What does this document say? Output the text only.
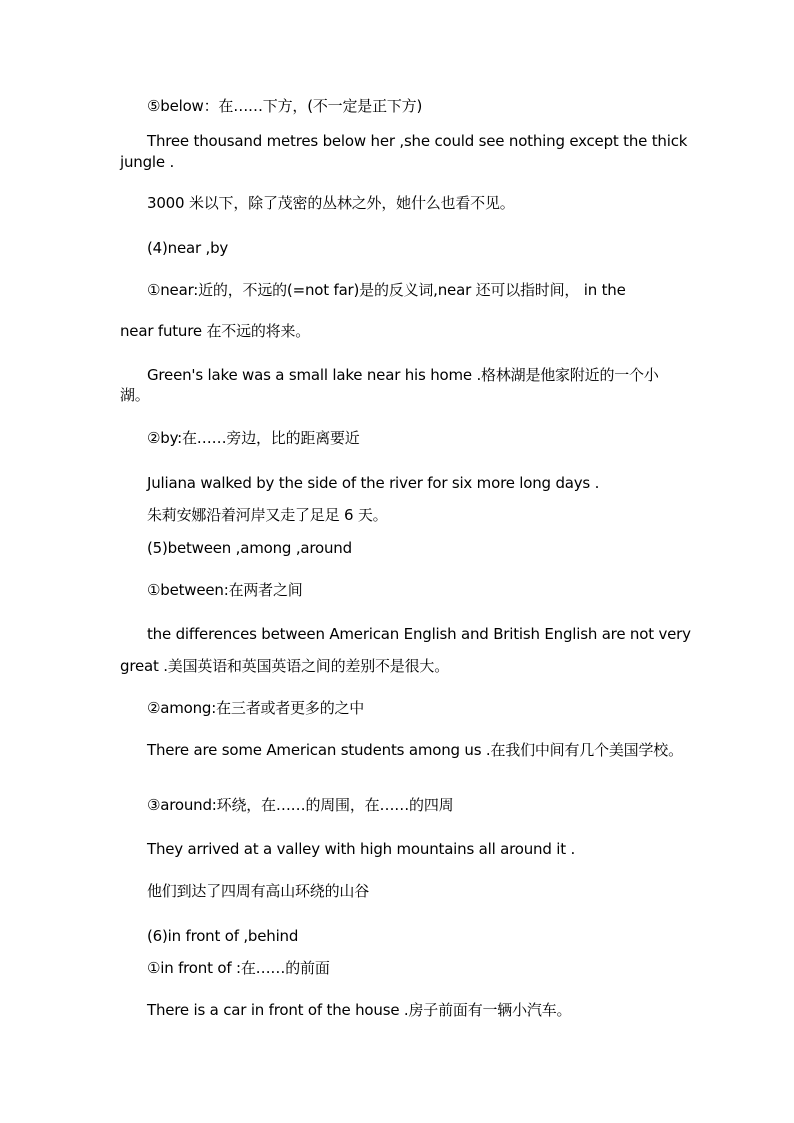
⑤below：在……下方，(不一定是正下方)
Three thousand metres below her ,she could see nothing except the thick
jungle .
3000 米以下，除了茂密的丛林之外，她什么也看不见。
(4)near ,by
①near:近的，不远的(=not far)是的反义词,near 还可以指时间， in the
near future 在不远的将来。
Green's lake was a small lake near his home .格林湖是他家附近的一个小
湖。
②by:在……旁边，比的距离要近
Juliana walked by the side of the river for six more long days .
朱莉安娜沿着河岸又走了足足 6 天。
(5)between ,among ,around
①between:在两者之间
the differences between American English and British English are not very
great .美国英语和英国英语之间的差别不是很大。
②among:在三者或者更多的之中
There are some American students among us .在我们中间有几个美国学校。
③around:环绕，在……的周围，在……的四周
They arrived at a valley with high mountains all around it .
他们到达了四周有高山环绕的山谷
(6)in front of ,behind
①in front of :在……的前面
There is a car in front of the house .房子前面有一辆小汽车。
